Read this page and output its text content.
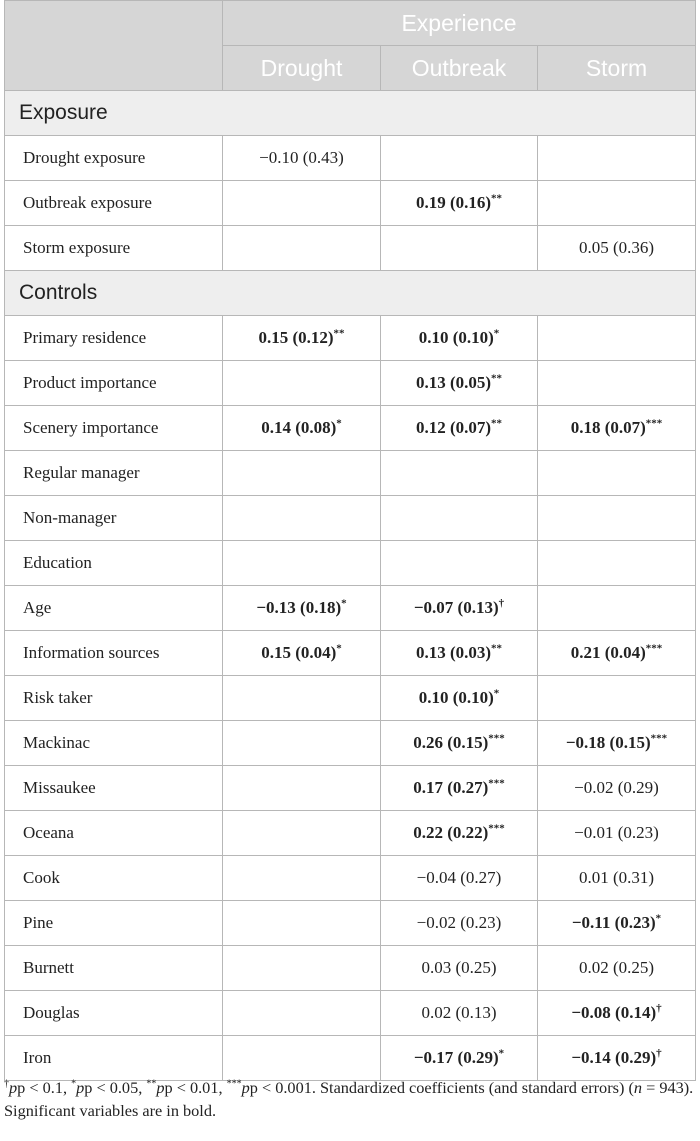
	Experience		
	Drought	Outbreak	Storm
Exposure			
Drought exposure	−0.10 (0.43)		
Outbreak exposure		0.19 (0.16)**	
Storm exposure			0.05 (0.36)
Controls			
Primary residence	0.15 (0.12)**	0.10 (0.10)*	
Product importance		0.13 (0.05)**	
Scenery importance	0.14 (0.08)*	0.12 (0.07)**	0.18 (0.07)***
Regular manager			
Non-manager			
Education			
Age	−0.13 (0.18)*	−0.07 (0.13)†	
Information sources	0.15 (0.04)*	0.13 (0.03)**	0.21 (0.04)***
Risk taker		0.10 (0.10)*	
Mackinac		0.26 (0.15)***	−0.18 (0.15)***
Missaukee		0.17 (0.27)***	−0.02 (0.29)
Oceana		0.22 (0.22)***	−0.01 (0.23)
Cook		−0.04 (0.27)	0.01 (0.31)
Pine		−0.02 (0.23)	−0.11 (0.23)*
Burnett		0.03 (0.25)	0.02 (0.25)
Douglas		0.02 (0.13)	−0.08 (0.14)†
Iron		−0.17 (0.29)*	−0.14 (0.29)†
†pp < 0.1, *pp < 0.05, **pp < 0.01, ***pp < 0.001. Standardized coefficients (and standard errors) (n = 943). Significant variables are in bold.
